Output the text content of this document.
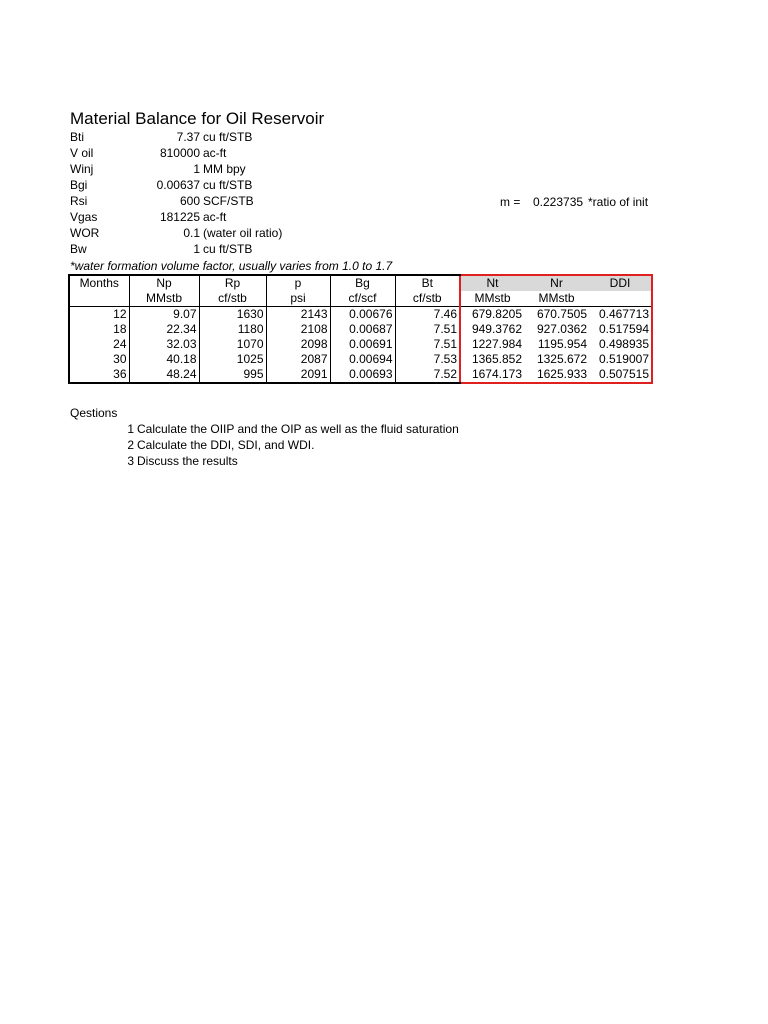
Material Balance for Oil Reservoir
Bti	7.37 cu ft/STB
V oil	810000 ac-ft
Winj	1 MM bpy
Bgi	0.00637 cu ft/STB
Rsi	600 SCF/STB
Vgas	181225 ac-ft
WOR	0.1 (water oil ratio)
Bw	1 cu ft/STB
m = 0.223735 *ratio of init
*water formation volume factor, usually varies from 1.0 to 1.7
Months	Np	Rp	p	Bg	Bt	Nt	Nr	DDI
	MMstb	cf/stb	psi	cf/scf	cf/stb	MMstb	MMstb	
12	9.07	1630	2143	0.00676	7.46	679.8205	670.7505	0.467713
18	22.34	1180	2108	0.00687	7.51	949.3762	927.0362	0.517594
24	32.03	1070	2098	0.00691	7.51	1227.984	1195.954	0.498935
30	40.18	1025	2087	0.00694	7.53	1365.852	1325.672	0.519007
36	48.24	995	2091	0.00693	7.52	1674.173	1625.933	0.507515
Qestions
1 Calculate the OIIP and the OIP as well as the fluid saturation
2 Calculate the DDI, SDI, and WDI.
3 Discuss the results
